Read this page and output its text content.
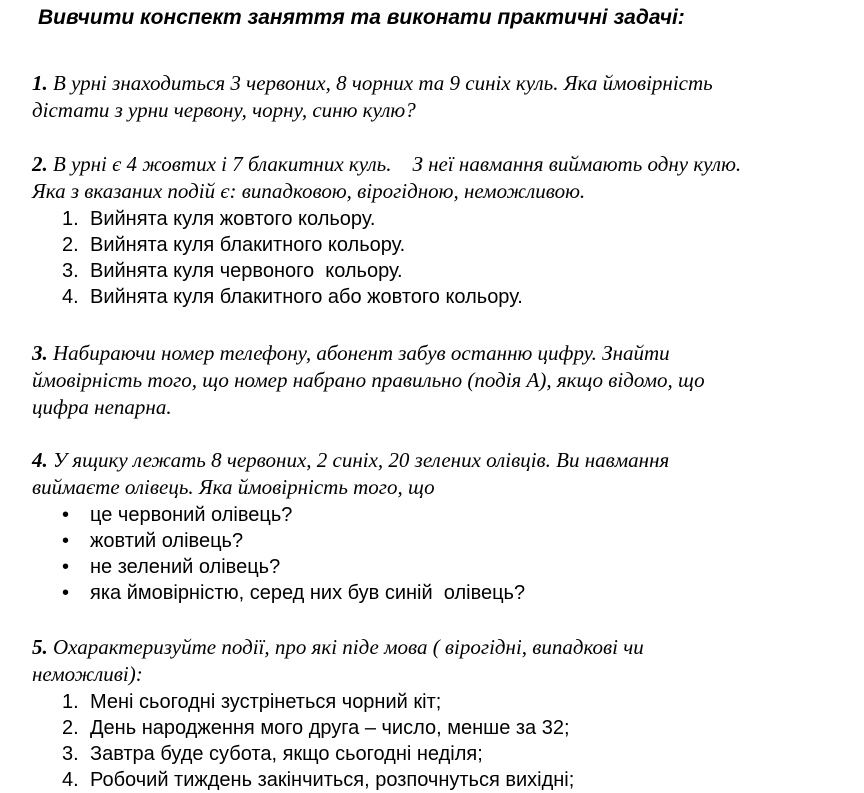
Вивчити конспект заняття та виконати практичні задачі:
1. В урні знаходиться 3 червоних, 8 чорних та 9 синіх куль. Яка ймовірність
дістати з урни червону, чорну, синю кулю?
2. В урні є 4 жовтих і 7 блакитних куль.    З неї навмання виймають одну кулю.
Яка з вказаних подій є: випадковою, вірогідною, неможливою.
1. Вийнята куля жовтого кольору.
2. Вийнята куля блакитного кольору.
3. Вийнята куля червоного  кольору.
4. Вийнята куля блакитного або жовтого кольору.
3. Набираючи номер телефону, абонент забув останню цифру. Знайти
ймовірність того, що номер набрано правильно (подія А), якщо відомо, що
цифра непарна.
4. У ящику лежать 8 червоних, 2 синіх, 20 зелених олівців. Ви навмання
виймаєте олівець. Яка ймовірність того, що
• це червоний олівець?
• жовтий олівець?
• не зелений олівець?
• яка ймовірністю, серед них був синій  олівець?
5. Охарактеризуйте події, про які піде мова ( вірогідні, випадкові чи
неможливі):
1. Мені сьогодні зустрінеться чорний кіт;
2. День народження мого друга – число, менше за 32;
3. Завтра буде субота, якщо сьогодні неділя;
4. Робочий тиждень закінчиться, розпочнуться вихідні;
